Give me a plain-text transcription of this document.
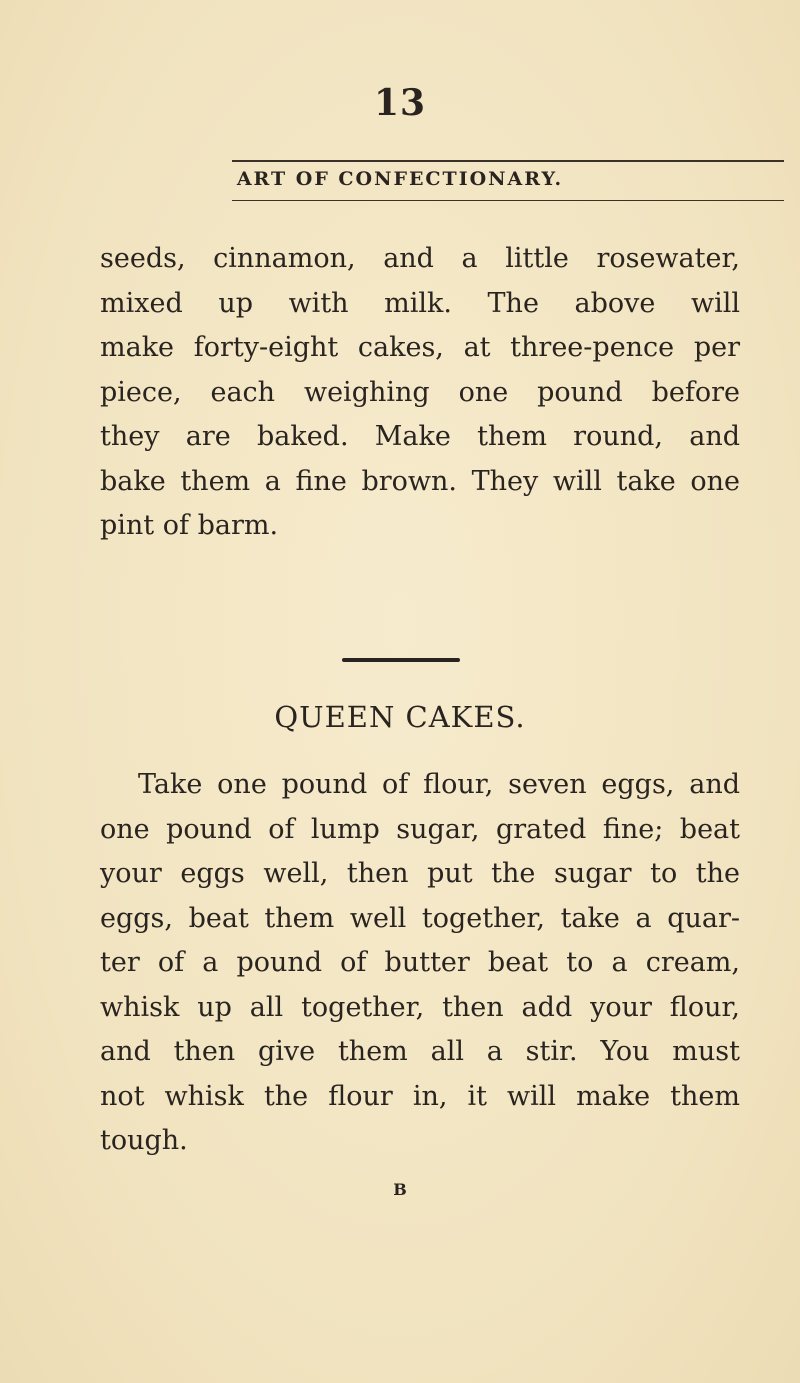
13
ART OF CONFECTIONARY.

seeds, cinnamon, and a little rosewater,
mixed up with milk. The above will
make forty-eight cakes, at three-pence per
piece, each weighing one pound before
they are baked. Make them round, and
bake them a fine brown. They will take one
pint of barm.

QUEEN CAKES.

Take one pound of flour, seven eggs, and
one pound of lump sugar, grated fine; beat
your eggs well, then put the sugar to the
eggs, beat them well together, take a quar-
ter of a pound of butter beat to a cream,
whisk up all together, then add your flour,
and then give them all a stir. You must
not whisk the flour in, it will make them
tough.

B
